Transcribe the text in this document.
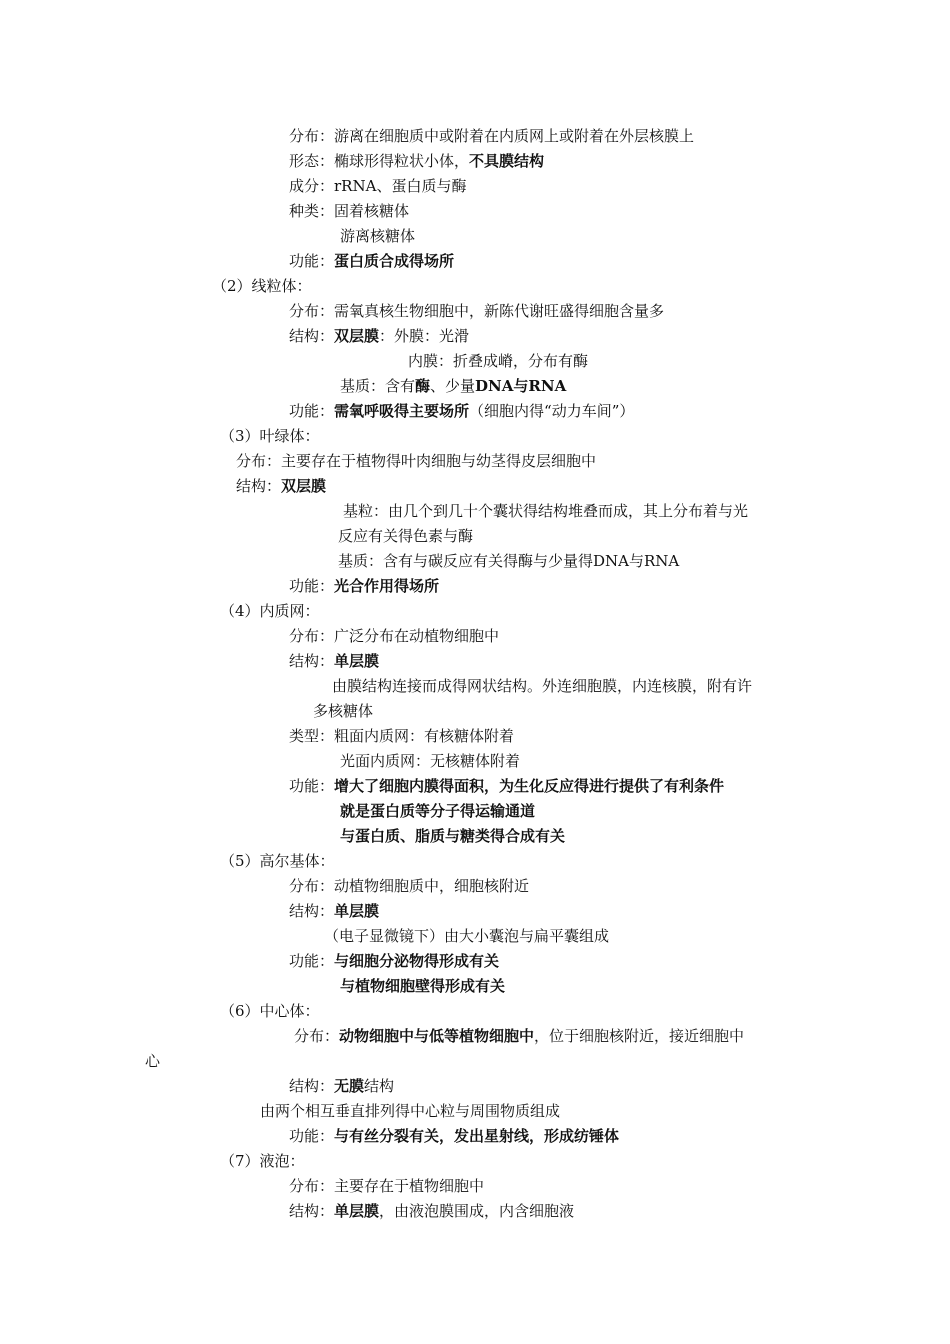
分布：游离在细胞质中或附着在内质网上或附着在外层核膜上
形态：椭球形得粒状小体，不具膜结构
成分：rRNA、蛋白质与酶
种类：固着核糖体
游离核糖体
功能：蛋白质合成得场所
（2）线粒体：
分布：需氧真核生物细胞中，新陈代谢旺盛得细胞含量多
结构：双层膜：外膜：光滑
内膜：折叠成嵴，分布有酶
基质：含有酶、少量DNA与RNA
功能：需氧呼吸得主要场所（细胞内得“动力车间”）
（3）叶绿体：
分布：主要存在于植物得叶肉细胞与幼茎得皮层细胞中
结构：双层膜
基粒：由几个到几十个囊状得结构堆叠而成，其上分布着与光
反应有关得色素与酶
基质：含有与碳反应有关得酶与少量得DNA与RNA
功能：光合作用得场所
（4）内质网：
分布：广泛分布在动植物细胞中
结构：单层膜
由膜结构连接而成得网状结构。外连细胞膜，内连核膜，附有许
多核糖体
类型：粗面内质网：有核糖体附着
光面内质网：无核糖体附着
功能：增大了细胞内膜得面积，为生化反应得进行提供了有利条件
就是蛋白质等分子得运输通道
与蛋白质、脂质与糖类得合成有关
（5）高尔基体：
分布：动植物细胞质中，细胞核附近
结构：单层膜
（电子显微镜下）由大小囊泡与扁平囊组成
功能：与细胞分泌物得形成有关
与植物细胞壁得形成有关
（6）中心体：
分布：动物细胞中与低等植物细胞中，位于细胞核附近，接近细胞中
心
结构：无膜结构
由两个相互垂直排列得中心粒与周围物质组成
功能：与有丝分裂有关，发出星射线，形成纺锤体
（7）液泡：
分布：主要存在于植物细胞中
结构：单层膜，由液泡膜围成，内含细胞液
